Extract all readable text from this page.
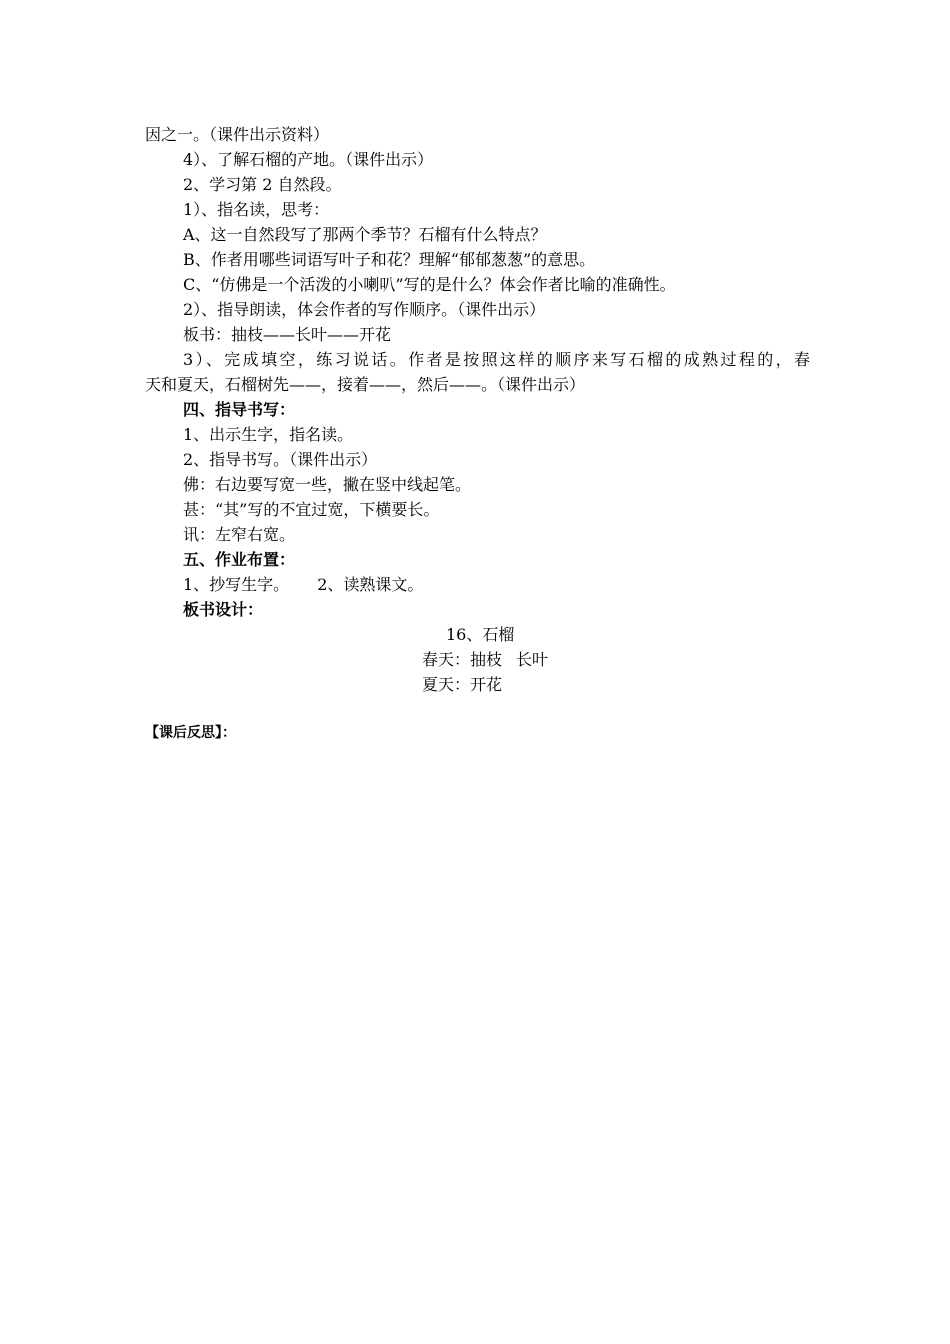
因之一。（课件出示资料）
4）、了解石榴的产地。（课件出示）
2、学习第 2 自然段。
1）、指名读，思考：
A、这一自然段写了那两个季节？石榴有什么特点？
B、作者用哪些词语写叶子和花？理解“郁郁葱葱”的意思。
C、“仿佛是一个活泼的小喇叭”写的是什么？体会作者比喻的准确性。
2）、指导朗读，体会作者的写作顺序。（课件出示）
板书：抽枝——长叶——开花
3）、完成填空，练习说话。作者是按照这样的顺序来写石榴的成熟过程的，春
天和夏天，石榴树先——，接着——，然后——。（课件出示）
四、指导书写：
1、出示生字，指名读。
2、指导书写。（课件出示）
佛：右边要写宽一些，撇在竖中线起笔。
甚：“其”写的不宜过宽，下横要长。
讯：左窄右宽。
五、作业布置：
1、抄写生字。 2、读熟课文。
板书设计：
16、石榴
春天：抽枝 长叶
夏天：开花
【课后反思】：
